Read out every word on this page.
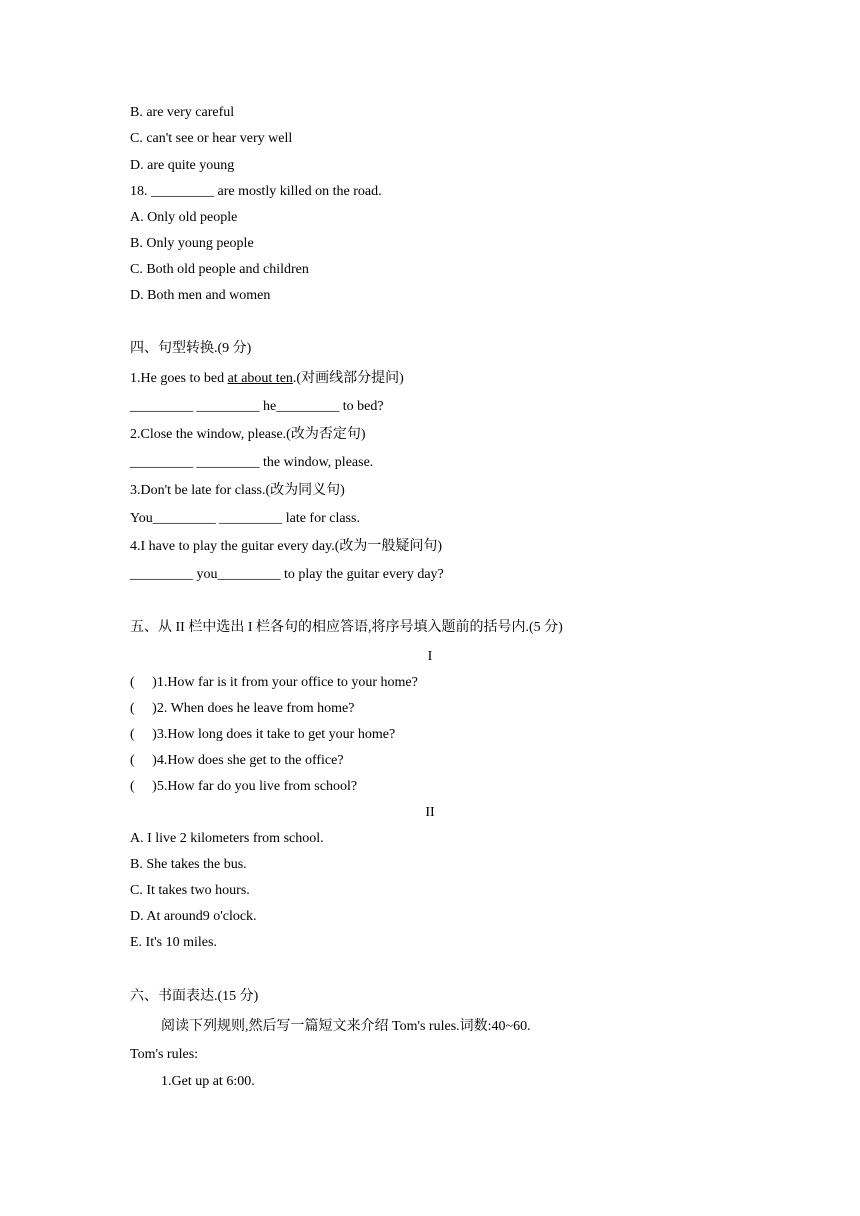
B. are very careful
C. can't see or hear very well
D. are quite young
18. _________ are mostly killed on the road.
A. Only old people
B. Only young people
C. Both old people and children
D. Both men and women
四、句型转换.(9 分)
1.He goes to bed at about ten.(对画线部分提问)
_________ _________ he_________ to bed?
2.Close the window, please.(改为否定句)
_________ _________ the window, please.
3.Don't be late for class.(改为同义句)
You_________ _________ late for class.
4.I have to play the guitar every day.(改为一般疑问句)
_________ you_________ to play the guitar every day?
五、从 II 栏中选出 I 栏各句的相应答语,将序号填入题前的括号内.(5 分)
I
(     )1.How far is it from your office to your home?
(     )2. When does he leave from home?
(     )3.How long does it take to get your home?
(     )4.How does she get to the office?
(     )5.How far do you live from school?
II
A. I live 2 kilometers from school.
B. She takes the bus.
C. It takes two hours.
D. At around9 o'clock.
E. It's 10 miles.
六、书面表达.(15 分)
阅读下列规则,然后写一篇短文来介绍 Tom's rules.词数:40~60.
Tom's rules:
1.Get up at 6:00.
